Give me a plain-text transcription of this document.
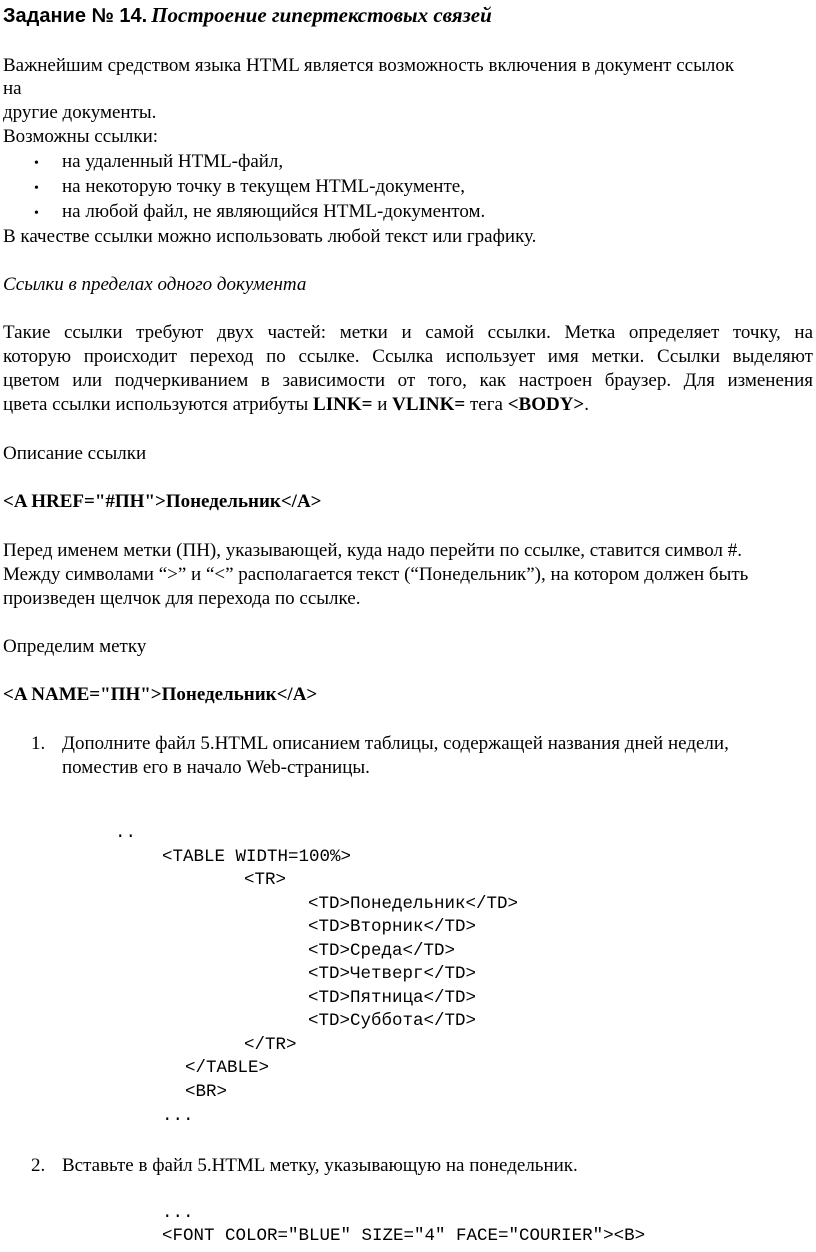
Задание № 14. Построение гипертекстовых связей
Важнейшим средством языка HTML является возможность включения в документ ссылок
на
другие документы.
Возможны ссылки:
• на удаленный HTML-файл,
• на некоторую точку в текущем HTML-документе,
• на любой файл, не являющийся HTML-документом.
В качестве ссылки можно использовать любой текст или графику.
Ссылки в пределах одного документа
Такие ссылки требуют двух частей: метки и самой ссылки. Метка определяет точку, на
которую происходит переход по ссылке. Ссылка использует имя метки. Ссылки выделяют
цветом или подчеркиванием в зависимости от того, как настроен браузер. Для изменения
цвета ссылки используются атрибуты LINK= и VLINK= тега <BODY>.
Описание ссылки
<A HREF="#ПН">Понедельник</A>
Перед именем метки (ПН), указывающей, куда надо перейти по ссылке, ставится символ #.
Между символами “>” и “<” располагается текст (“Понедельник”), на котором должен быть
произведен щелчок для перехода по ссылке.
Определим метку
<A NAME="ПН">Понедельник</A>
1. Дополните файл 5.HTML описанием таблицы, содержащей названия дней недели,
поместив его в начало Web-страницы.
..
<TABLE WIDTH=100%>
<TR>
<TD>Понедельник</TD>
<TD>Вторник</TD>
<TD>Среда</TD>
<TD>Четверг</TD>
<TD>Пятница</TD>
<TD>Суббота</TD>
</TR>
</TABLE>
<BR>
...
2. Вставьте в файл 5.HTML метку, указывающую на понедельник.
...
<FONT COLOR="BLUE" SIZE="4" FACE="COURIER"><B>
